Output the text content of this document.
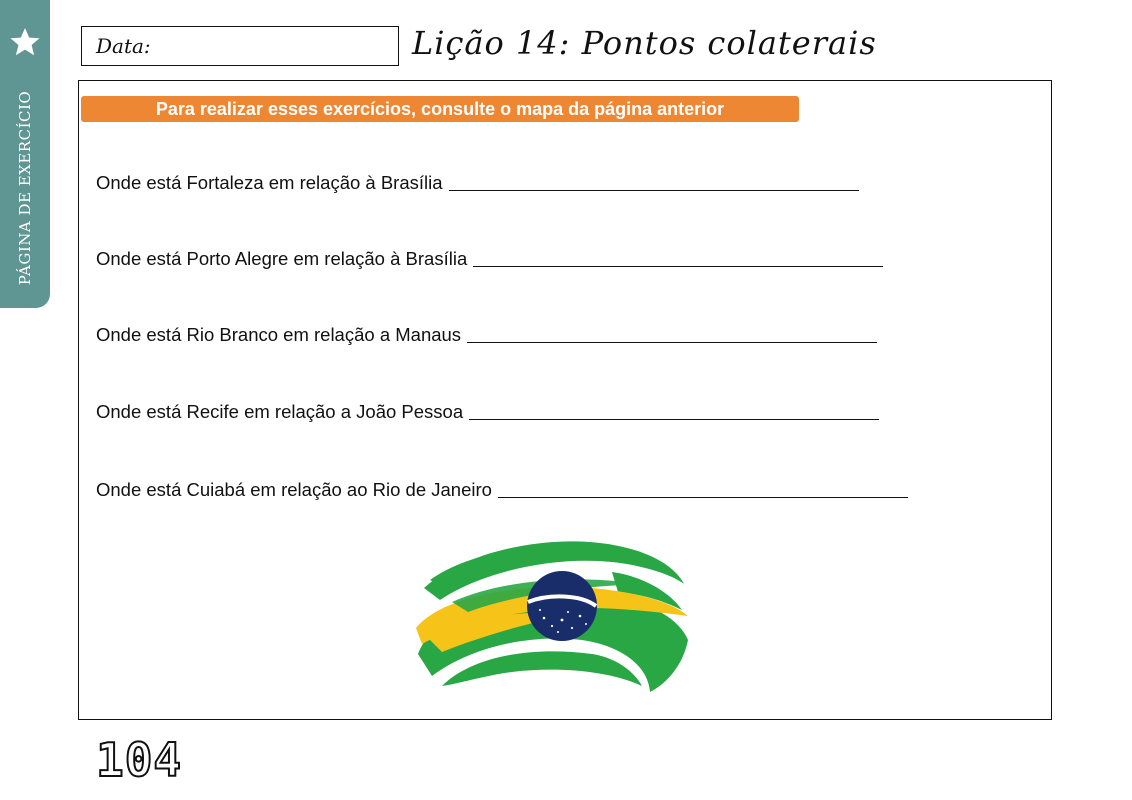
PÁGINA DE EXERCÍCIO
Data:	Lição 14: Pontos colaterais
Para realizar esses exercícios, consulte o mapa da página anterior
Onde está Fortaleza em relação à Brasília
Onde está Porto Alegre em relação à Brasília
Onde está Rio Branco em relação a Manaus
Onde está Recife em relação a João Pessoa
Onde está Cuiabá em relação ao Rio de Janeiro
104
